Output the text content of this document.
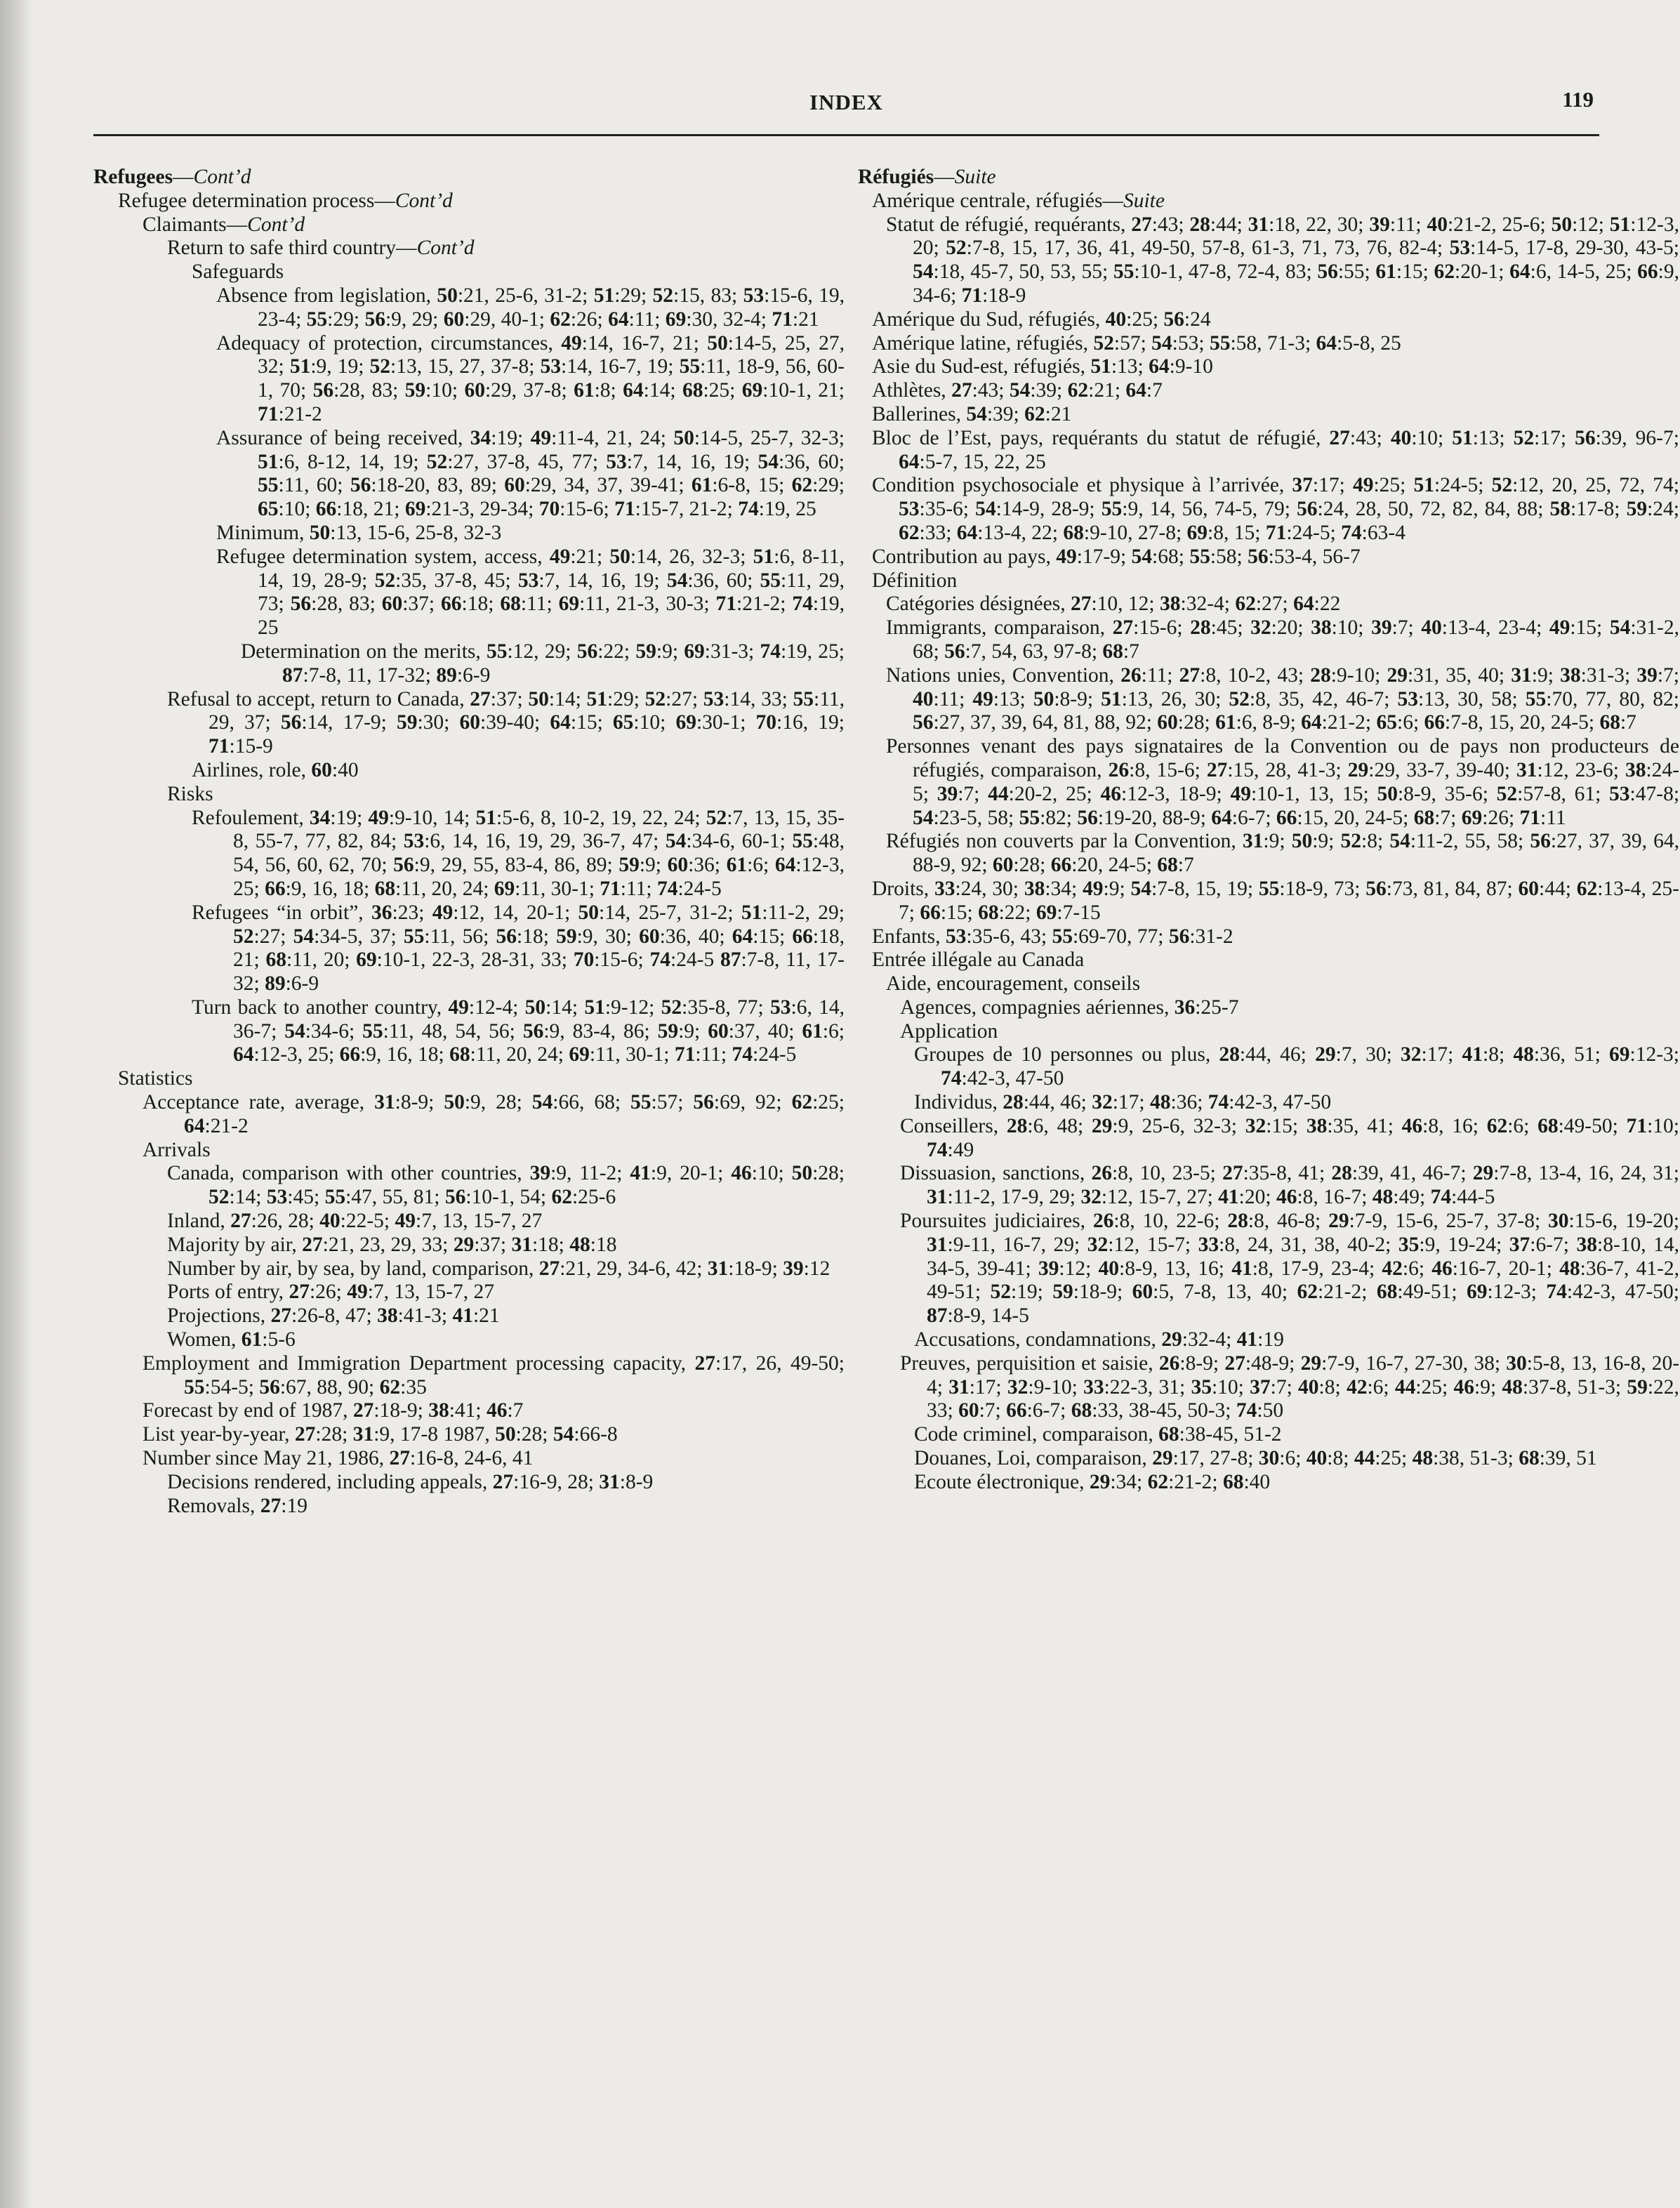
INDEX	119
Refugees—Cont’d
Refugee determination process—Cont’d
Claimants—Cont’d
Return to safe third country—Cont’d
Safeguards
Absence from legislation, 50:21, 25-6, 31-2; 51:29; 52:15, 83; 53:15-6, 19, 23-4; 55:29; 56:9, 29; 60:29, 40-1; 62:26; 64:11; 69:30, 32-4; 71:21
Adequacy of protection, circumstances, 49:14, 16-7, 21; 50:14-5, 25, 27, 32; 51:9, 19; 52:13, 15, 27, 37-8; 53:14, 16-7, 19; 55:11, 18-9, 56, 60-1, 70; 56:28, 83; 59:10; 60:29, 37-8; 61:8; 64:14; 68:25; 69:10-1, 21; 71:21-2
Assurance of being received, 34:19; 49:11-4, 21, 24; 50:14-5, 25-7, 32-3; 51:6, 8-12, 14, 19; 52:27, 37-8, 45, 77; 53:7, 14, 16, 19; 54:36, 60; 55:11, 60; 56:18-20, 83, 89; 60:29, 34, 37, 39-41; 61:6-8, 15; 62:29; 65:10; 66:18, 21; 69:21-3, 29-34; 70:15-6; 71:15-7, 21-2; 74:19, 25
Minimum, 50:13, 15-6, 25-8, 32-3
Refugee determination system, access, 49:21; 50:14, 26, 32-3; 51:6, 8-11, 14, 19, 28-9; 52:35, 37-8, 45; 53:7, 14, 16, 19; 54:36, 60; 55:11, 29, 73; 56:28, 83; 60:37; 66:18; 68:11; 69:11, 21-3, 30-3; 71:21-2; 74:19, 25
Determination on the merits, 55:12, 29; 56:22; 59:9; 69:31-3; 74:19, 25; 87:7-8, 11, 17-32; 89:6-9
Refusal to accept, return to Canada, 27:37; 50:14; 51:29; 52:27; 53:14, 33; 55:11, 29, 37; 56:14, 17-9; 59:30; 60:39-40; 64:15; 65:10; 69:30-1; 70:16, 19; 71:15-9
Airlines, role, 60:40
Risks
Refoulement, 34:19; 49:9-10, 14; 51:5-6, 8, 10-2, 19, 22, 24; 52:7, 13, 15, 35-8, 55-7, 77, 82, 84; 53:6, 14, 16, 19, 29, 36-7, 47; 54:34-6, 60-1; 55:48, 54, 56, 60, 62, 70; 56:9, 29, 55, 83-4, 86, 89; 59:9; 60:36; 61:6; 64:12-3, 25; 66:9, 16, 18; 68:11, 20, 24; 69:11, 30-1; 71:11; 74:24-5
Refugees “in orbit”, 36:23; 49:12, 14, 20-1; 50:14, 25-7, 31-2; 51:11-2, 29; 52:27; 54:34-5, 37; 55:11, 56; 56:18; 59:9, 30; 60:36, 40; 64:15; 66:18, 21; 68:11, 20; 69:10-1, 22-3, 28-31, 33; 70:15-6; 74:24-5 87:7-8, 11, 17-32; 89:6-9
Turn back to another country, 49:12-4; 50:14; 51:9-12; 52:35-8, 77; 53:6, 14, 36-7; 54:34-6; 55:11, 48, 54, 56; 56:9, 83-4, 86; 59:9; 60:37, 40; 61:6; 64:12-3, 25; 66:9, 16, 18; 68:11, 20, 24; 69:11, 30-1; 71:11; 74:24-5
Statistics
Acceptance rate, average, 31:8-9; 50:9, 28; 54:66, 68; 55:57; 56:69, 92; 62:25; 64:21-2
Arrivals
Canada, comparison with other countries, 39:9, 11-2; 41:9, 20-1; 46:10; 50:28; 52:14; 53:45; 55:47, 55, 81; 56:10-1, 54; 62:25-6
Inland, 27:26, 28; 40:22-5; 49:7, 13, 15-7, 27
Majority by air, 27:21, 23, 29, 33; 29:37; 31:18; 48:18
Number by air, by sea, by land, comparison, 27:21, 29, 34-6, 42; 31:18-9; 39:12
Ports of entry, 27:26; 49:7, 13, 15-7, 27
Projections, 27:26-8, 47; 38:41-3; 41:21
Women, 61:5-6
Employment and Immigration Department processing capacity, 27:17, 26, 49-50; 55:54-5; 56:67, 88, 90; 62:35
Forecast by end of 1987, 27:18-9; 38:41; 46:7
List year-by-year, 27:28; 31:9, 17-8 1987, 50:28; 54:66-8
Number since May 21, 1986, 27:16-8, 24-6, 41
Decisions rendered, including appeals, 27:16-9, 28; 31:8-9
Removals, 27:19
Réfugiés—Suite
Amérique centrale, réfugiés—Suite
Statut de réfugié, requérants, 27:43; 28:44; 31:18, 22, 30; 39:11; 40:21-2, 25-6; 50:12; 51:12-3, 20; 52:7-8, 15, 17, 36, 41, 49-50, 57-8, 61-3, 71, 73, 76, 82-4; 53:14-5, 17-8, 29-30, 43-5; 54:18, 45-7, 50, 53, 55; 55:10-1, 47-8, 72-4, 83; 56:55; 61:15; 62:20-1; 64:6, 14-5, 25; 66:9, 34-6; 71:18-9
Amérique du Sud, réfugiés, 40:25; 56:24
Amérique latine, réfugiés, 52:57; 54:53; 55:58, 71-3; 64:5-8, 25
Asie du Sud-est, réfugiés, 51:13; 64:9-10
Athlètes, 27:43; 54:39; 62:21; 64:7
Ballerines, 54:39; 62:21
Bloc de l’Est, pays, requérants du statut de réfugié, 27:43; 40:10; 51:13; 52:17; 56:39, 96-7; 64:5-7, 15, 22, 25
Condition psychosociale et physique à l’arrivée, 37:17; 49:25; 51:24-5; 52:12, 20, 25, 72, 74; 53:35-6; 54:14-9, 28-9; 55:9, 14, 56, 74-5, 79; 56:24, 28, 50, 72, 82, 84, 88; 58:17-8; 59:24; 62:33; 64:13-4, 22; 68:9-10, 27-8; 69:8, 15; 71:24-5; 74:63-4
Contribution au pays, 49:17-9; 54:68; 55:58; 56:53-4, 56-7
Définition
Catégories désignées, 27:10, 12; 38:32-4; 62:27; 64:22
Immigrants, comparaison, 27:15-6; 28:45; 32:20; 38:10; 39:7; 40:13-4, 23-4; 49:15; 54:31-2, 68; 56:7, 54, 63, 97-8; 68:7
Nations unies, Convention, 26:11; 27:8, 10-2, 43; 28:9-10; 29:31, 35, 40; 31:9; 38:31-3; 39:7; 40:11; 49:13; 50:8-9; 51:13, 26, 30; 52:8, 35, 42, 46-7; 53:13, 30, 58; 55:70, 77, 80, 82; 56:27, 37, 39, 64, 81, 88, 92; 60:28; 61:6, 8-9; 64:21-2; 65:6; 66:7-8, 15, 20, 24-5; 68:7
Personnes venant des pays signataires de la Convention ou de pays non producteurs de réfugiés, comparaison, 26:8, 15-6; 27:15, 28, 41-3; 29:29, 33-7, 39-40; 31:12, 23-6; 38:24-5; 39:7; 44:20-2, 25; 46:12-3, 18-9; 49:10-1, 13, 15; 50:8-9, 35-6; 52:57-8, 61; 53:47-8; 54:23-5, 58; 55:82; 56:19-20, 88-9; 64:6-7; 66:15, 20, 24-5; 68:7; 69:26; 71:11
Réfugiés non couverts par la Convention, 31:9; 50:9; 52:8; 54:11-2, 55, 58; 56:27, 37, 39, 64, 88-9, 92; 60:28; 66:20, 24-5; 68:7
Droits, 33:24, 30; 38:34; 49:9; 54:7-8, 15, 19; 55:18-9, 73; 56:73, 81, 84, 87; 60:44; 62:13-4, 25-7; 66:15; 68:22; 69:7-15
Enfants, 53:35-6, 43; 55:69-70, 77; 56:31-2
Entrée illégale au Canada
Aide, encouragement, conseils
Agences, compagnies aériennes, 36:25-7
Application
Groupes de 10 personnes ou plus, 28:44, 46; 29:7, 30; 32:17; 41:8; 48:36, 51; 69:12-3; 74:42-3, 47-50
Individus, 28:44, 46; 32:17; 48:36; 74:42-3, 47-50
Conseillers, 28:6, 48; 29:9, 25-6, 32-3; 32:15; 38:35, 41; 46:8, 16; 62:6; 68:49-50; 71:10; 74:49
Dissuasion, sanctions, 26:8, 10, 23-5; 27:35-8, 41; 28:39, 41, 46-7; 29:7-8, 13-4, 16, 24, 31; 31:11-2, 17-9, 29; 32:12, 15-7, 27; 41:20; 46:8, 16-7; 48:49; 74:44-5
Poursuites judiciaires, 26:8, 10, 22-6; 28:8, 46-8; 29:7-9, 15-6, 25-7, 37-8; 30:15-6, 19-20; 31:9-11, 16-7, 29; 32:12, 15-7; 33:8, 24, 31, 38, 40-2; 35:9, 19-24; 37:6-7; 38:8-10, 14, 34-5, 39-41; 39:12; 40:8-9, 13, 16; 41:8, 17-9, 23-4; 42:6; 46:16-7, 20-1; 48:36-7, 41-2, 49-51; 52:19; 59:18-9; 60:5, 7-8, 13, 40; 62:21-2; 68:49-51; 69:12-3; 74:42-3, 47-50; 87:8-9, 14-5
Accusations, condamnations, 29:32-4; 41:19
Preuves, perquisition et saisie, 26:8-9; 27:48-9; 29:7-9, 16-7, 27-30, 38; 30:5-8, 13, 16-8, 20-4; 31:17; 32:9-10; 33:22-3, 31; 35:10; 37:7; 40:8; 42:6; 44:25; 46:9; 48:37-8, 51-3; 59:22, 33; 60:7; 66:6-7; 68:33, 38-45, 50-3; 74:50
Code criminel, comparaison, 68:38-45, 51-2
Douanes, Loi, comparaison, 29:17, 27-8; 30:6; 40:8; 44:25; 48:38, 51-3; 68:39, 51
Ecoute électronique, 29:34; 62:21-2; 68:40
